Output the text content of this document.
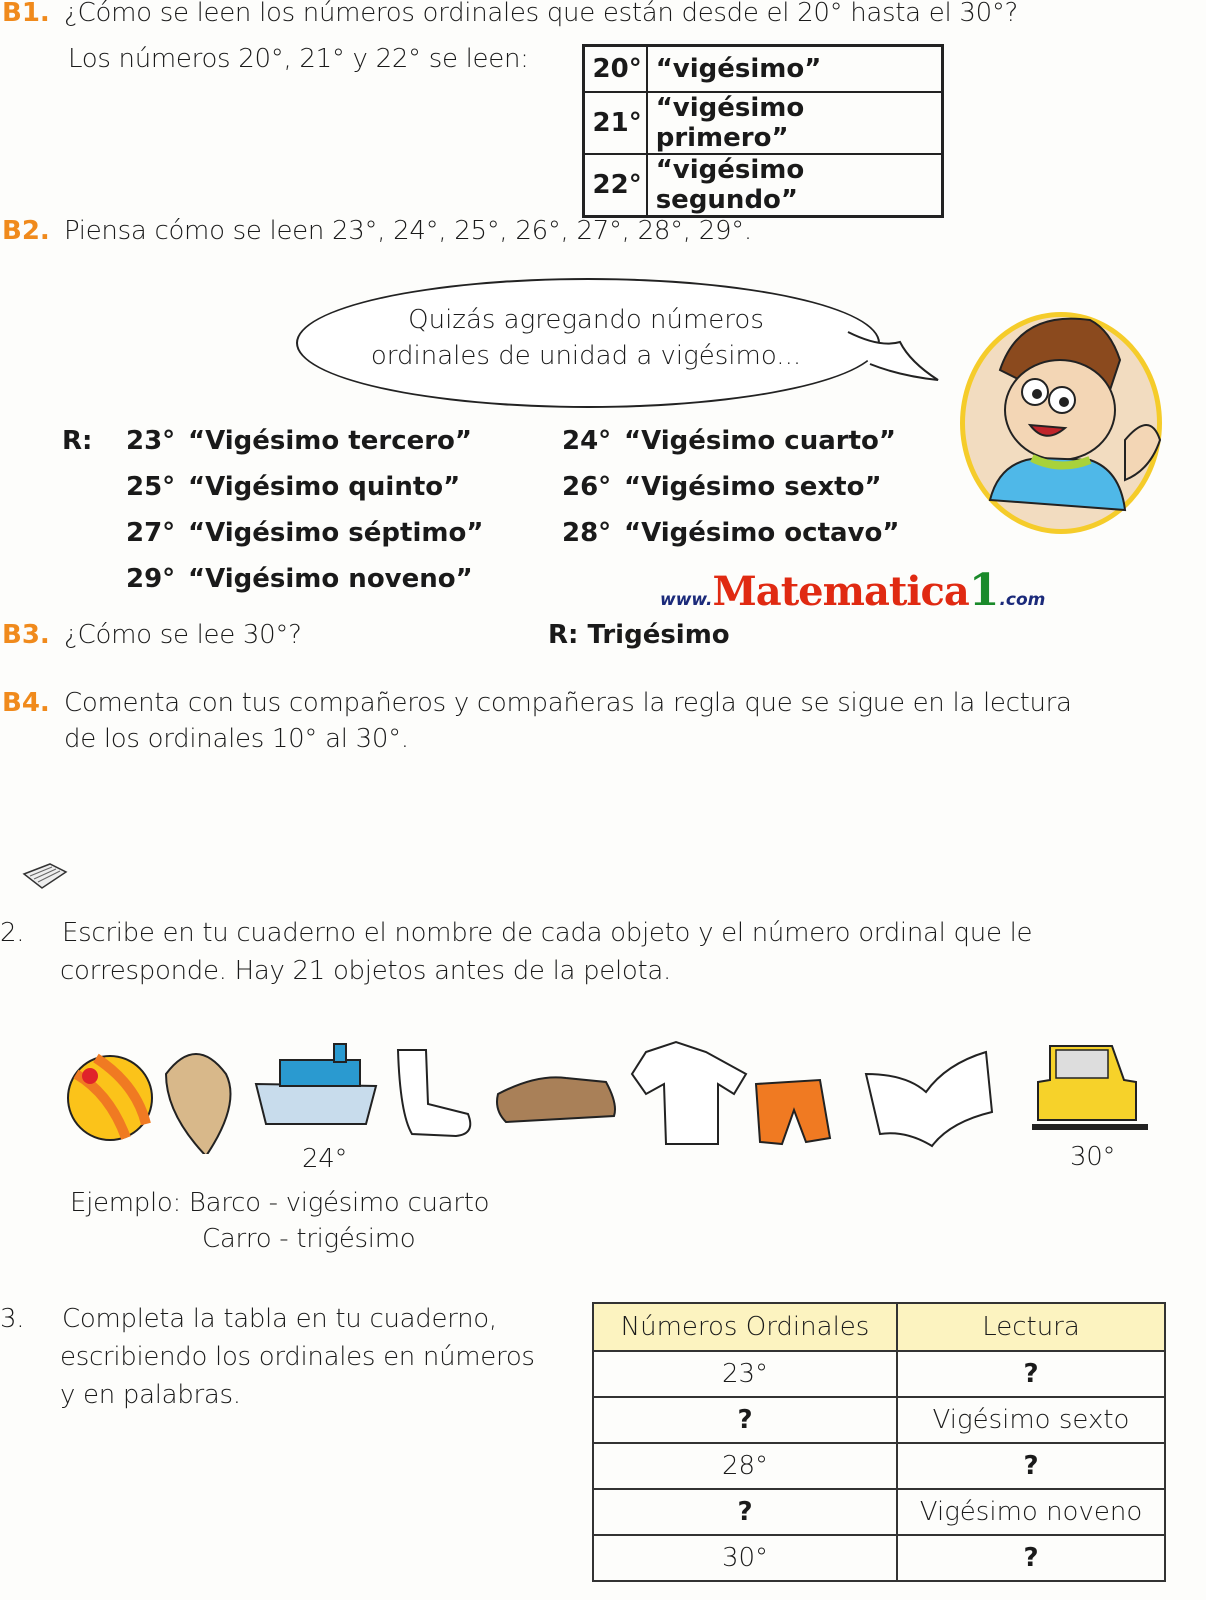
B1. ¿Cómo se leen los números ordinales que están desde el 20° hasta el 30°?
Los números 20°, 21° y 22° se leen: 20°	“vigésimo”
21°	“vigésimo primero”
22°	“vigésimo segundo”
B2. Piensa cómo se leen 23°, 24°, 25°, 26°, 27°, 28°, 29°.
Quizás agregando números
ordinales de unidad a vigésimo...
R: 23° “Vigésimo tercero”	24° “Vigésimo cuarto”
25° “Vigésimo quinto”	26° “Vigésimo sexto”
27° “Vigésimo séptimo”	28° “Vigésimo octavo”
29° “Vigésimo noveno”
www.Matematica1.com
B3. ¿Cómo se lee 30°?	R: Trigésimo
B4. Comenta con tus compañeros y compañeras la regla que se sigue en la lectura
de los ordinales 10° al 30°.
2. Escribe en tu cuaderno el nombre de cada objeto y el número ordinal que le
corresponde. Hay 21 objetos antes de la pelota.
24°	30°
Ejemplo: Barco - vigésimo cuarto
Carro - trigésimo
3. Completa la tabla en tu cuaderno,
escribiendo los ordinales en números
y en palabras.
Números Ordinales	Lectura
23°	?
?	Vigésimo sexto
28°	?
?	Vigésimo noveno
30°	?
